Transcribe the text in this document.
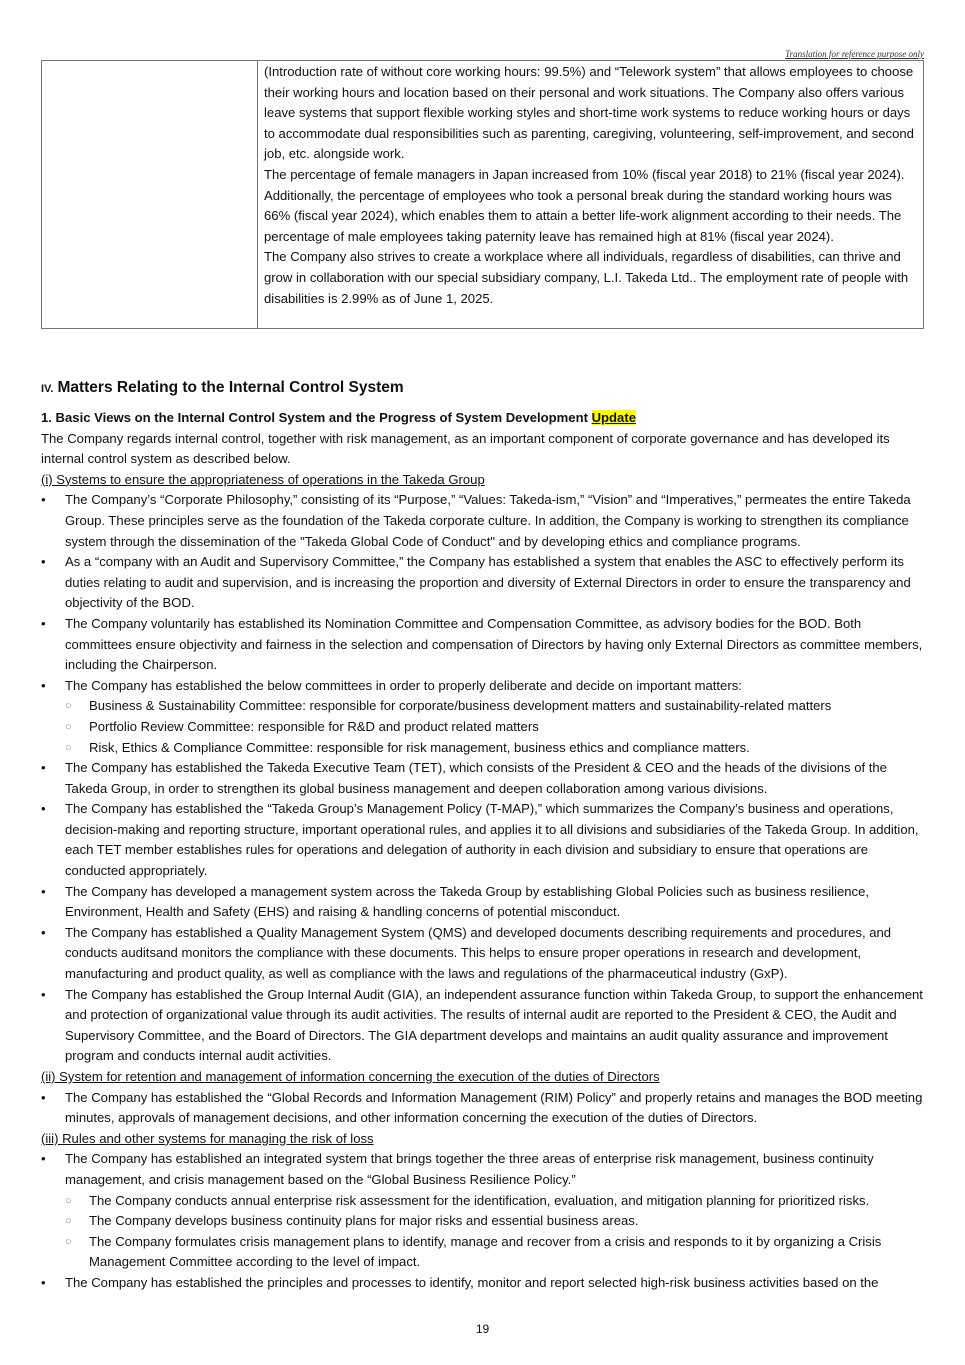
Translation for reference purpose only

(Introduction rate of without core working hours: 99.5%) and “Telework system” that allows employees to choose their working hours and location based on their personal and work situations. The Company also offers various leave systems that support flexible working styles and short-time work systems to reduce working hours or days to accommodate dual responsibilities such as parenting, caregiving, volunteering, self-improvement, and second job, etc. alongside work.

The percentage of female managers in Japan increased from 10% (fiscal year 2018) to 21% (fiscal year 2024). Additionally, the percentage of employees who took a personal break during the standard working hours was 66% (fiscal year 2024), which enables them to attain a better life-work alignment according to their needs. The percentage of male employees taking paternity leave has remained high at 81% (fiscal year 2024).

The Company also strives to create a workplace where all individuals, regardless of disabilities, can thrive and grow in collaboration with our special subsidiary company, L.I. Takeda Ltd.. The employment rate of people with disabilities is 2.99% as of June 1, 2025.

IV. Matters Relating to the Internal Control System
1. Basic Views on the Internal Control System and the Progress of System Development Update

The Company regards internal control, together with risk management, as an important component of corporate governance and has developed its internal control system as described below.

(i) Systems to ensure the appropriateness of operations in the Takeda Group

• The Company’s “Corporate Philosophy,” consisting of its “Purpose,” “Values: Takeda-ism,” “Vision” and “Imperatives,” permeates the entire Takeda Group. These principles serve as the foundation of the Takeda corporate culture. In addition, the Company is working to strengthen its compliance system through the dissemination of the "Takeda Global Code of Conduct" and by developing ethics and compliance programs.
• As a “company with an Audit and Supervisory Committee,” the Company has established a system that enables the ASC to effectively perform its duties relating to audit and supervision, and is increasing the proportion and diversity of External Directors in order to ensure the transparency and objectivity of the BOD.
• The Company voluntarily has established its Nomination Committee and Compensation Committee, as advisory bodies for the BOD. Both committees ensure objectivity and fairness in the selection and compensation of Directors by having only External Directors as committee members, including the Chairperson.
• The Company has established the below committees in order to properly deliberate and decide on important matters:
○ Business & Sustainability Committee: responsible for corporate/business development matters and sustainability-related matters
○ Portfolio Review Committee: responsible for R&D and product related matters
○ Risk, Ethics & Compliance Committee: responsible for risk management, business ethics and compliance matters.
• The Company has established the Takeda Executive Team (TET), which consists of the President & CEO and the heads of the divisions of the Takeda Group, in order to strengthen its global business management and deepen collaboration among various divisions.
• The Company has established the “Takeda Group’s Management Policy (T-MAP),” which summarizes the Company’s business and operations, decision-making and reporting structure, important operational rules, and applies it to all divisions and subsidiaries of the Takeda Group. In addition, each TET member establishes rules for operations and delegation of authority in each division and subsidiary to ensure that operations are conducted appropriately.
• The Company has developed a management system across the Takeda Group by establishing Global Policies such as business resilience, Environment, Health and Safety (EHS) and raising & handling concerns of potential misconduct.
• The Company has established a Quality Management System (QMS) and developed documents describing requirements and procedures, and conducts auditsand monitors the compliance with these documents. This helps to ensure proper operations in research and development, manufacturing and product quality, as well as compliance with the laws and regulations of the pharmaceutical industry (GxP).
• The Company has established the Group Internal Audit (GIA), an independent assurance function within Takeda Group, to support the enhancement and protection of organizational value through its audit activities. The results of internal audit are reported to the President & CEO, the Audit and Supervisory Committee, and the Board of Directors. The GIA department develops and maintains an audit quality assurance and improvement program and conducts internal audit activities.

(ii) System for retention and management of information concerning the execution of the duties of Directors

• The Company has established the “Global Records and Information Management (RIM) Policy” and properly retains and manages the BOD meeting minutes, approvals of management decisions, and other information concerning the execution of the duties of Directors.

(iii) Rules and other systems for managing the risk of loss

• The Company has established an integrated system that brings together the three areas of enterprise risk management, business continuity management, and crisis management based on the “Global Business Resilience Policy.”
○ The Company conducts annual enterprise risk assessment for the identification, evaluation, and mitigation planning for prioritized risks.
○ The Company develops business continuity plans for major risks and essential business areas.
○ The Company formulates crisis management plans to identify, manage and recover from a crisis and responds to it by organizing a Crisis Management Committee according to the level of impact.
• The Company has established the principles and processes to identify, monitor and report selected high-risk business activities based on the
19
